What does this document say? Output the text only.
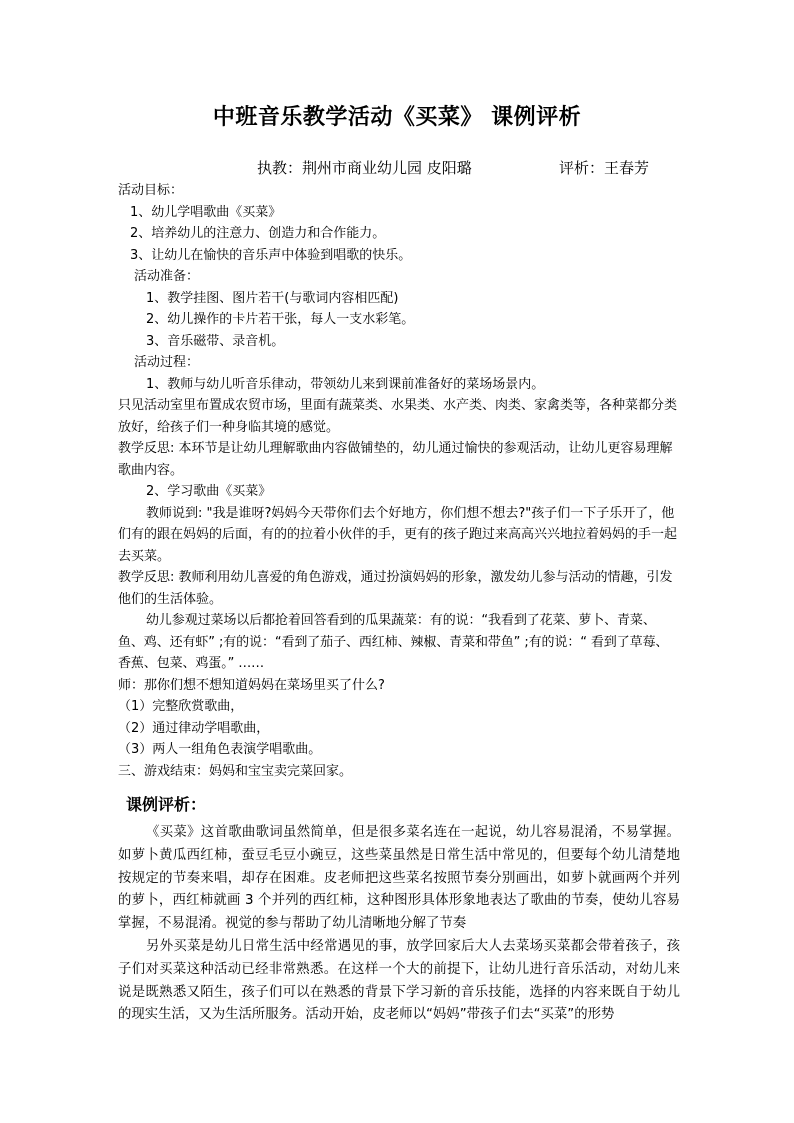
中班音乐教学活动《买菜》 课例评析
执教：荆州市商业幼儿园 皮阳璐	评析：王春芳

活动目标：

1、幼儿学唱歌曲《买菜》

2、培养幼儿的注意力、创造力和合作能力。

3、让幼儿在愉快的音乐声中体验到唱歌的快乐。

活动准备：

1、教学挂图、图片若干(与歌词内容相匹配)

2、幼儿操作的卡片若干张，每人一支水彩笔。

3、音乐磁带、录音机。

活动过程：

1、教师与幼儿听音乐律动，带领幼儿来到课前准备好的菜场场景内。

只见活动室里布置成农贸市场，里面有蔬菜类、水果类、水产类、肉类、家禽类等，各种菜都分类放好，给孩子们一种身临其境的感觉。

教学反思: 本环节是让幼儿理解歌曲内容做铺垫的，幼儿通过愉快的参观活动，让幼儿更容易理解歌曲内容。

2、学习歌曲《买菜》

教师说到: "我是谁呀?妈妈今天带你们去个好地方，你们想不想去?"孩子们一下子乐开了，他们有的跟在妈妈的后面，有的的拉着小伙伴的手，更有的孩子跑过来高高兴兴地拉着妈妈的手一起去买菜。

教学反思: 教师利用幼儿喜爱的角色游戏，通过扮演妈妈的形象，激发幼儿参与活动的情趣，引发他们的生活体验。

幼儿参观过菜场以后都抢着回答看到的瓜果蔬菜：有的说：“我看到了花菜、萝卜、青菜、鱼、鸡、还有虾” ;有的说：“看到了茄子、西红柿、辣椒、青菜和带鱼” ;有的说：“ 看到了草莓、香蕉、包菜、鸡蛋。” ……

师：那你们想不想知道妈妈在菜场里买了什么?

（1）完整欣赏歌曲，

（2）通过律动学唱歌曲，

（3）两人一组角色表演学唱歌曲。

三、游戏结束：妈妈和宝宝卖完菜回家。

课例评析：

《买菜》这首歌曲歌词虽然简单，但是很多菜名连在一起说，幼儿容易混淆，不易掌握。如萝卜黄瓜西红柿，蚕豆毛豆小豌豆，这些菜虽然是日常生活中常见的，但要每个幼儿清楚地按规定的节奏来唱，却存在困难。皮老师把这些菜名按照节奏分别画出，如萝卜就画两个并列的萝卜，西红柿就画 3 个并列的西红柿，这种图形具体形象地表达了歌曲的节奏，使幼儿容易掌握，不易混淆。视觉的参与帮助了幼儿清晰地分解了节奏

另外买菜是幼儿日常生活中经常遇见的事，放学回家后大人去菜场买菜都会带着孩子，孩子们对买菜这种活动已经非常熟悉。在这样一个大的前提下，让幼儿进行音乐活动，对幼儿来说是既熟悉又陌生，孩子们可以在熟悉的背景下学习新的音乐技能，选择的内容来既自于幼儿的现实生活，又为生活所服务。活动开始，皮老师以“妈妈”带孩子们去“买菜”的形势
